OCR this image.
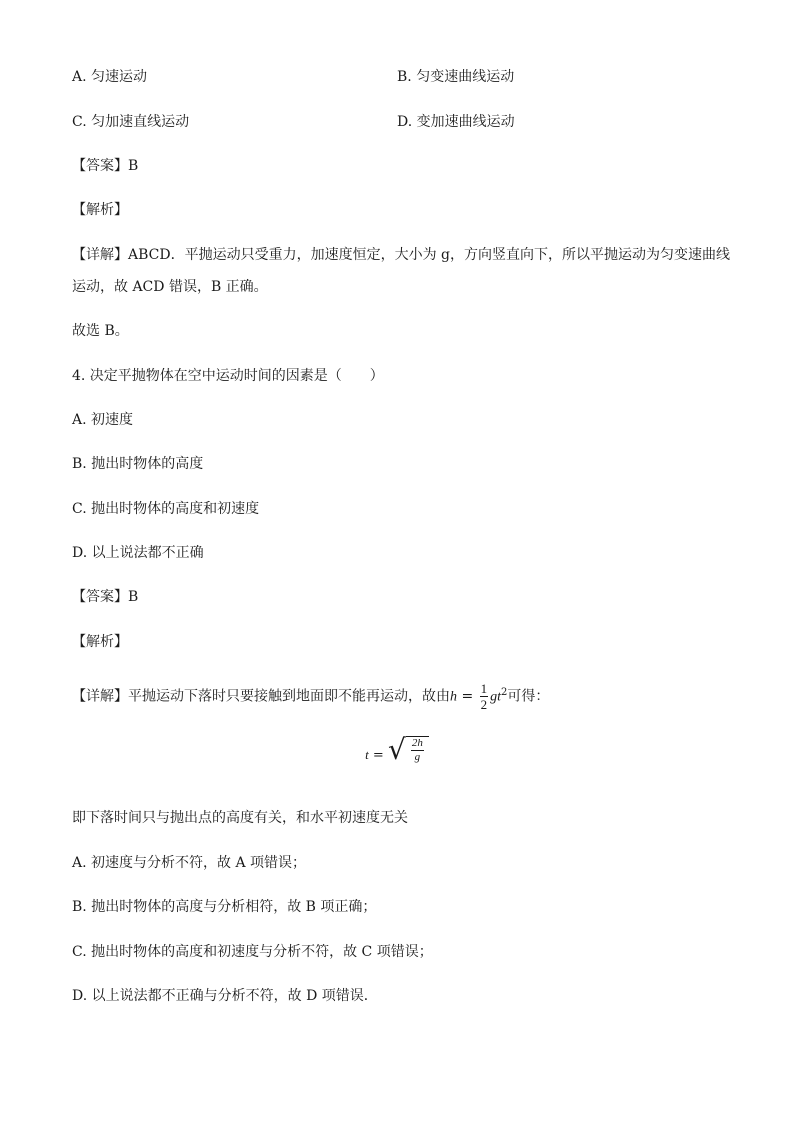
A. 匀速运动	B. 匀变速曲线运动
C. 匀加速直线运动	D. 变加速曲线运动
【答案】B
【解析】
【详解】ABCD．平抛运动只受重力，加速度恒定，大小为 g，方向竖直向下，所以平抛运动为匀变速曲线
运动，故 ACD 错误，B 正确。
故选 B。
4. 决定平抛物体在空中运动时间的因素是（　　）
A. 初速度
B. 抛出时物体的高度
C. 抛出时物体的高度和初速度
D. 以上说法都不正确
【答案】B
【解析】
【详解】平抛运动下落时只要接触到地面即不能再运动，故由$h = \frac{1}{2} gt^2$可得：
t = √ $\frac{2h}{g}$
即下落时间只与抛出点的高度有关，和水平初速度无关
A. 初速度与分析不符，故 A 项错误；
B. 抛出时物体的高度与分析相符，故 B 项正确；
C. 抛出时物体的高度和初速度与分析不符，故 C 项错误；
D. 以上说法都不正确与分析不符，故 D 项错误．
